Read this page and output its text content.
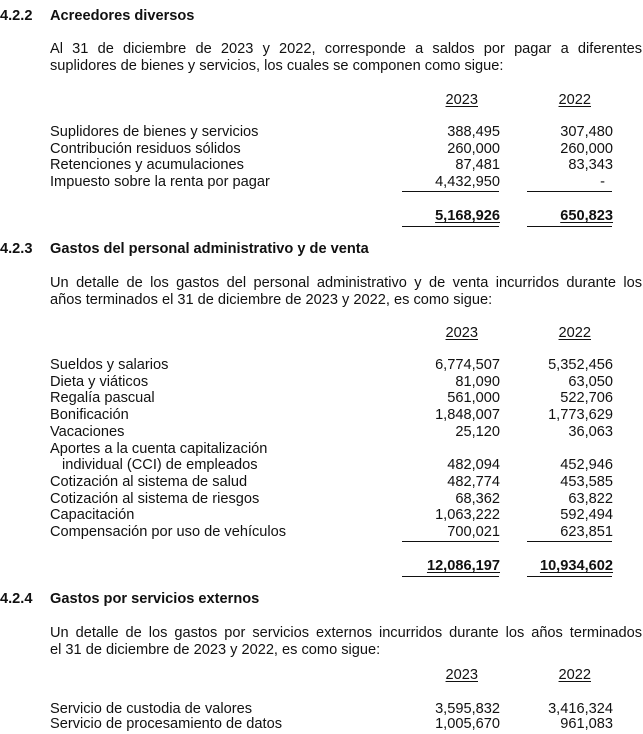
4.2.2 Acreedores diversos
Al 31 de diciembre de 2023 y 2022, corresponde a saldos por pagar a diferentes
suplidores de bienes y servicios, los cuales se componen como sigue:
2023	2022
Suplidores de bienes y servicios	388,495	307,480
Contribución residuos sólidos	260,000	260,000
Retenciones y acumulaciones	87,481	83,343
Impuesto sobre la renta por pagar	4,432,950	-
5,168,926	650,823
4.2.3 Gastos del personal administrativo y de venta
Un detalle de los gastos del personal administrativo y de venta incurridos durante los
años terminados el 31 de diciembre de 2023 y 2022, es como sigue:
2023	2022
Sueldos y salarios	6,774,507	5,352,456
Dieta y viáticos	81,090	63,050
Regalía pascual	561,000	522,706
Bonificación	1,848,007	1,773,629
Vacaciones	25,120	36,063
Aportes a la cuenta capitalización
individual (CCI) de empleados	482,094	452,946
Cotización al sistema de salud	482,774	453,585
Cotización al sistema de riesgos	68,362	63,822
Capacitación	1,063,222	592,494
Compensación por uso de vehículos	700,021	623,851
12,086,197	10,934,602
4.2.4 Gastos por servicios externos
Un detalle de los gastos por servicios externos incurridos durante los años terminados
el 31 de diciembre de 2023 y 2022, es como sigue:
2023	2022
Servicio de custodia de valores	3,595,832	3,416,324
Servicio de procesamiento de datos	1,005,670	961,083
